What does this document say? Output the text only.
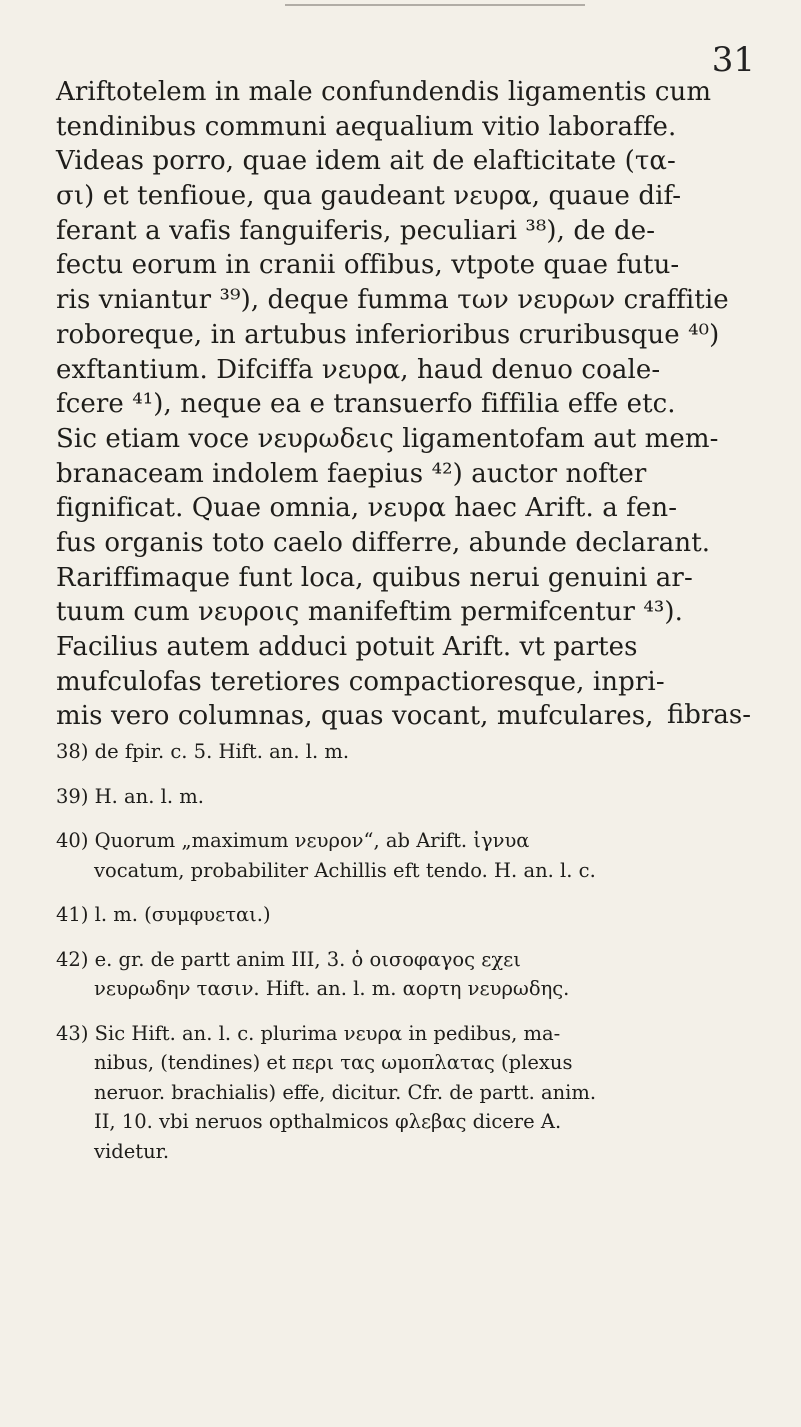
31
Ariftotelem in male confundendis ligamentis cum
tendinibus communi aequalium vitio laboraffe.
Videas porro, quae idem ait de elafticitate (τα-
σι) et tenfioue, qua gaudeant νευρα, quaue dif-
ferant a vafis fanguiferis, peculiari ³⁸), de de-
fectu eorum in cranii offibus, vtpote quae futu-
ris vniantur ³⁹), deque fumma των νευρων craffitie
roboreque, in artubus inferioribus cruribusque ⁴⁰)
exftantium. Difciffa νευρα, haud denuo coale-
fcere ⁴¹), neque ea e transuerfo fiffilia effe etc.
Sic etiam voce νευρωδεις ligamentofam aut mem-
branaceam indolem faepius ⁴²) auctor nofter
fignificat. Quae omnia, νευρα haec Arift. a fen-
fus organis toto caelo differre, abunde declarant.
Rariffimaque funt loca, quibus nerui genuini ar-
tuum cum νευροις manifeftim permifcentur ⁴³).
Facilius autem adduci potuit Arift. vt partes
mufculofas teretiores compactioresque, inpri-
mis vero columnas, quas vocant, mufculares, fibras-
38) de fpir. c. 5. Hift. an. l. m.
39) H. an. l. m.
40) Quorum „maximum νευρον“, ab Arift. ἰγνυα
vocatum, probabiliter Achillis eft tendo. H. an. l. c.
41) l. m. (συμφυεται.)
42) e. gr. de partt anim III, 3. ὁ οισοφαγος εχει
νευρωδην τασιν. Hift. an. l. m. αορτη νευρωδης.
43) Sic Hift. an. l. c. plurima νευρα in pedibus, ma-
nibus, (tendines) et περι τας ωμοπλατας (plexus
neruor. brachialis) effe, dicitur. Cfr. de partt. anim.
II, 10. vbi neruos opthalmicos φλεβας dicere A.
videtur.
